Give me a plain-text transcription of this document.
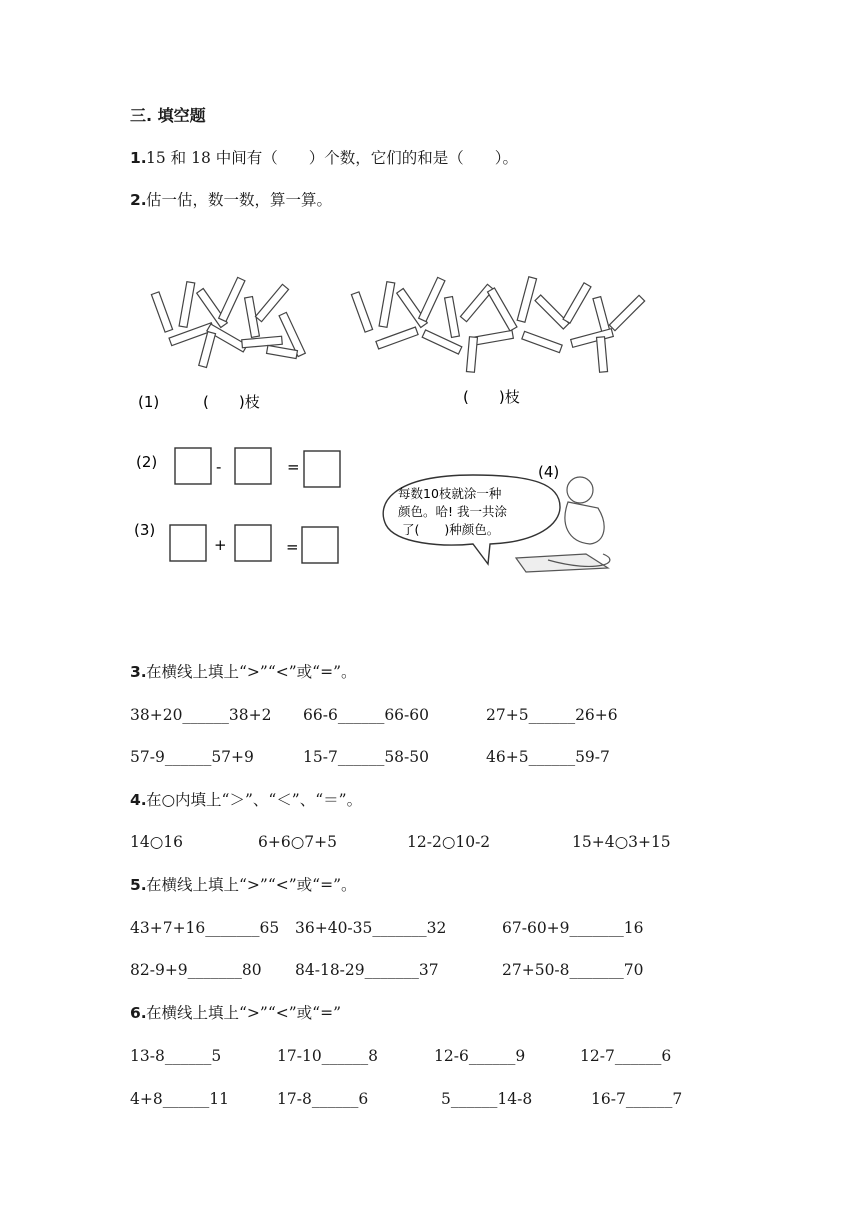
三. 填空题
1. 15 和 18 中间有（　　）个数，它们的和是（　　）。
2. 估一估，数一数，算一算。
(1)	(　　)枝	(　　)枝
(2)	-	=
(3)
+	=
每数10枝就涂一种
颜色。哈! 我一共涂
了(　　)种颜色。
(4)
3. 在横线上填上“>”“<”或“=”。
38+20______38+2 66-6______66-60	27+5______26+6
57-9______57+9	15-7______58-50	46+5______59-7
4. 在○内填上“＞”、“＜”、“＝”。
14○16	6+6○7+5	12-2○10-2	15+4○3+15
5. 在横线上填上“>”“<”或“=”。
43+7+16_______65 36+40-35_______32	67-60+9_______16
82-9+9_______80 84-18-29_______37	27+50-8_______70
6. 在横线上填上“>”“<”或“=”
13-8______5	17-10______8	12-6______9	12-7______6
4+8______11	17-8______6	5______14-8	16-7______7
